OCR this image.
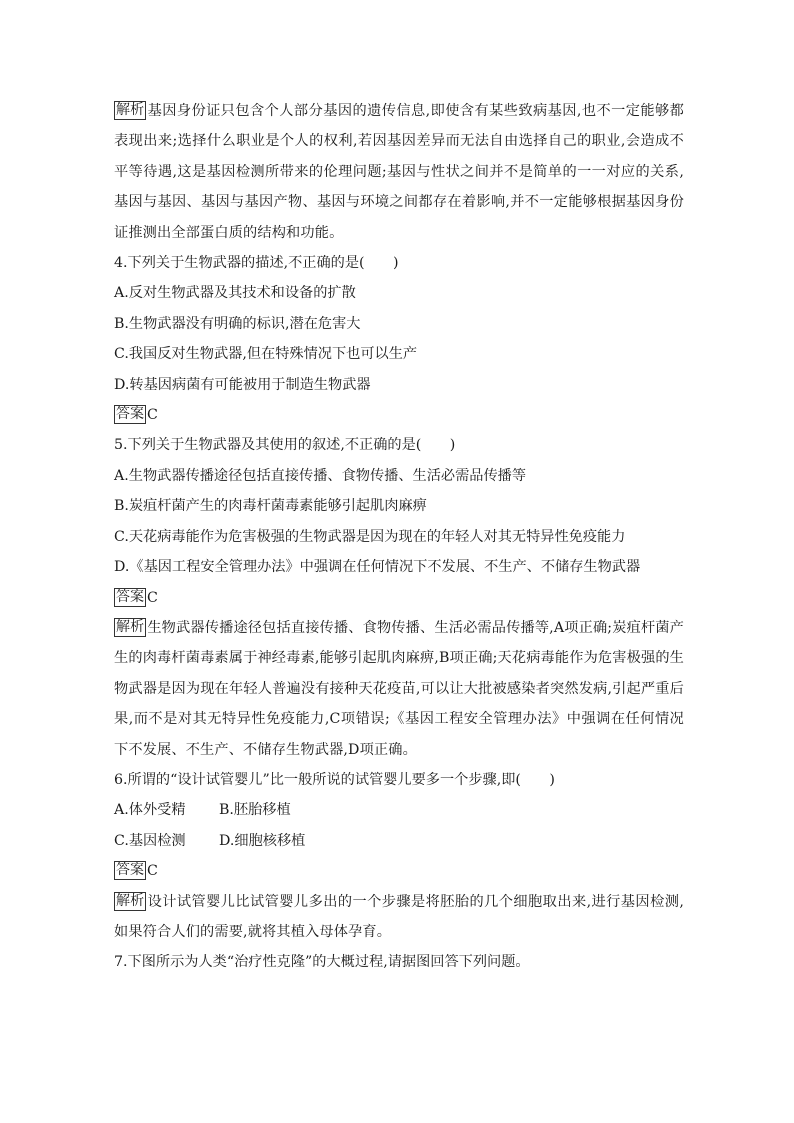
解析 基因身份证只包含个人部分基因的遗传信息,即使含有某些致病基因,也不一定能够都表现出来;选择什么职业是个人的权利,若因基因差异而无法自由选择自己的职业,会造成不平等待遇,这是基因检测所带来的伦理问题;基因与性状之间并不是简单的一一对应的关系,基因与基因、基因与基因产物、基因与环境之间都存在着影响,并不一定能够根据基因身份证推测出全部蛋白质的结构和功能。

4.下列关于生物武器的描述,不正确的是(　　)

A.反对生物武器及其技术和设备的扩散

B.生物武器没有明确的标识,潜在危害大

C.我国反对生物武器,但在特殊情况下也可以生产

D.转基因病菌有可能被用于制造生物武器

答案 C

5.下列关于生物武器及其使用的叙述,不正确的是(　　)

A.生物武器传播途径包括直接传播、食物传播、生活必需品传播等

B.炭疽杆菌产生的肉毒杆菌毒素能够引起肌肉麻痹

C.天花病毒能作为危害极强的生物武器是因为现在的年轻人对其无特异性免疫能力

D.《基因工程安全管理办法》中强调在任何情况下不发展、不生产、不储存生物武器

答案 C

解析 生物武器传播途径包括直接传播、食物传播、生活必需品传播等,A项正确;炭疽杆菌产生的肉毒杆菌毒素属于神经毒素,能够引起肌肉麻痹,B项正确;天花病毒能作为危害极强的生物武器是因为现在年轻人普遍没有接种天花疫苗,可以让大批被感染者突然发病,引起严重后果,而不是对其无特异性免疫能力,C项错误;《基因工程安全管理办法》中强调在任何情况下不发展、不生产、不储存生物武器,D项正确。

6.所谓的“设计试管婴儿”比一般所说的试管婴儿要多一个步骤,即(　　)

A.体外受精	B.胚胎移植
C.基因检测	D.细胞核移植

答案 C

解析 设计试管婴儿比试管婴儿多出的一个步骤是将胚胎的几个细胞取出来,进行基因检测,如果符合人们的需要,就将其植入母体孕育。

7.下图所示为人类“治疗性克隆”的大概过程,请据图回答下列问题。
